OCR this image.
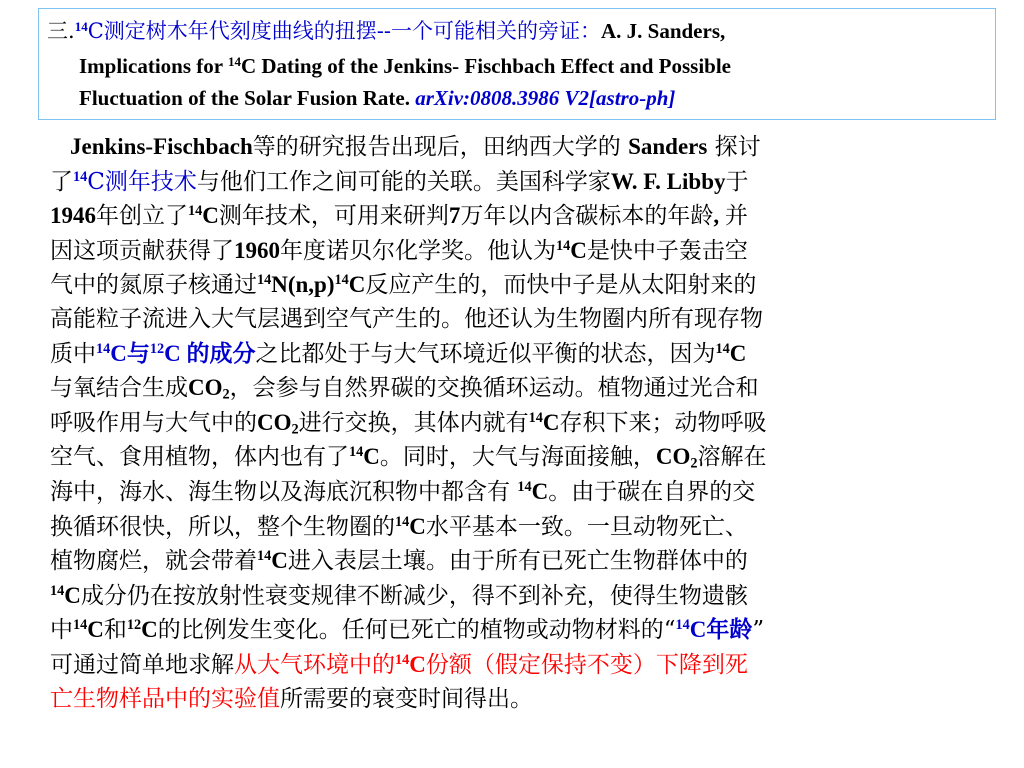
三.$^{14}$C测定树木年代刻度曲线的扭摆--一个可能相关的旁证：A. J. Sanders,
Implications for $^{14}$C Dating of the Jenkins- Fischbach Effect and Possible
Fluctuation of the Solar Fusion Rate. arXiv:0808.3986 V2[astro-ph]
Jenkins-Fischbach等的研究报告出现后，田纳西大学的 Sanders 探讨
了$^{14}$C测年技术与他们工作之间可能的关联。美国科学家W. F. Libby于
1946年创立了$^{14}$C测年技术，可用来研判7万年以内含碳标本的年龄, 并
因这项贡献获得了1960年度诺贝尔化学奖。他认为$^{14}$C是快中子轰击空
气中的氮原子核通过$^{14}N(n,p)^{14}C$反应产生的，而快中子是从太阳射来的
高能粒子流进入大气层遇到空气产生的。他还认为生物圈内所有现存物
质中$^{14}$C与$^{12}$C 的成分之比都处于与大气环境近似平衡的状态，因为$^{14}$C
与氧结合生成$CO_2$，会参与自然界碳的交换循环运动。植物通过光合和
呼吸作用与大气中的$CO_2$进行交换，其体内就有$^{14}$C存积下来；动物呼吸
空气、食用植物，体内也有了$^{14}$C。同时，大气与海面接触，$CO_2$溶解在
海中，海水、海生物以及海底沉积物中都含有 $^{14}$C。由于碳在自界的交
换循环很快，所以，整个生物圈的$^{14}$C水平基本一致。一旦动物死亡、
植物腐烂，就会带着$^{14}$C进入表层土壤。由于所有已死亡生物群体中的
$^{14}$C成分仍在按放射性衰变规律不断减少，得不到补充，使得生物遗骸
中$^{14}$C和$^{12}$C的比例发生变化。任何已死亡的植物或动物材料的“$^{14}$C年龄”
可通过简单地求解从大气环境中的$^{14}$C份额（假定保持不变）下降到死
亡生物样品中的实验值所需要的衰变时间得出。
